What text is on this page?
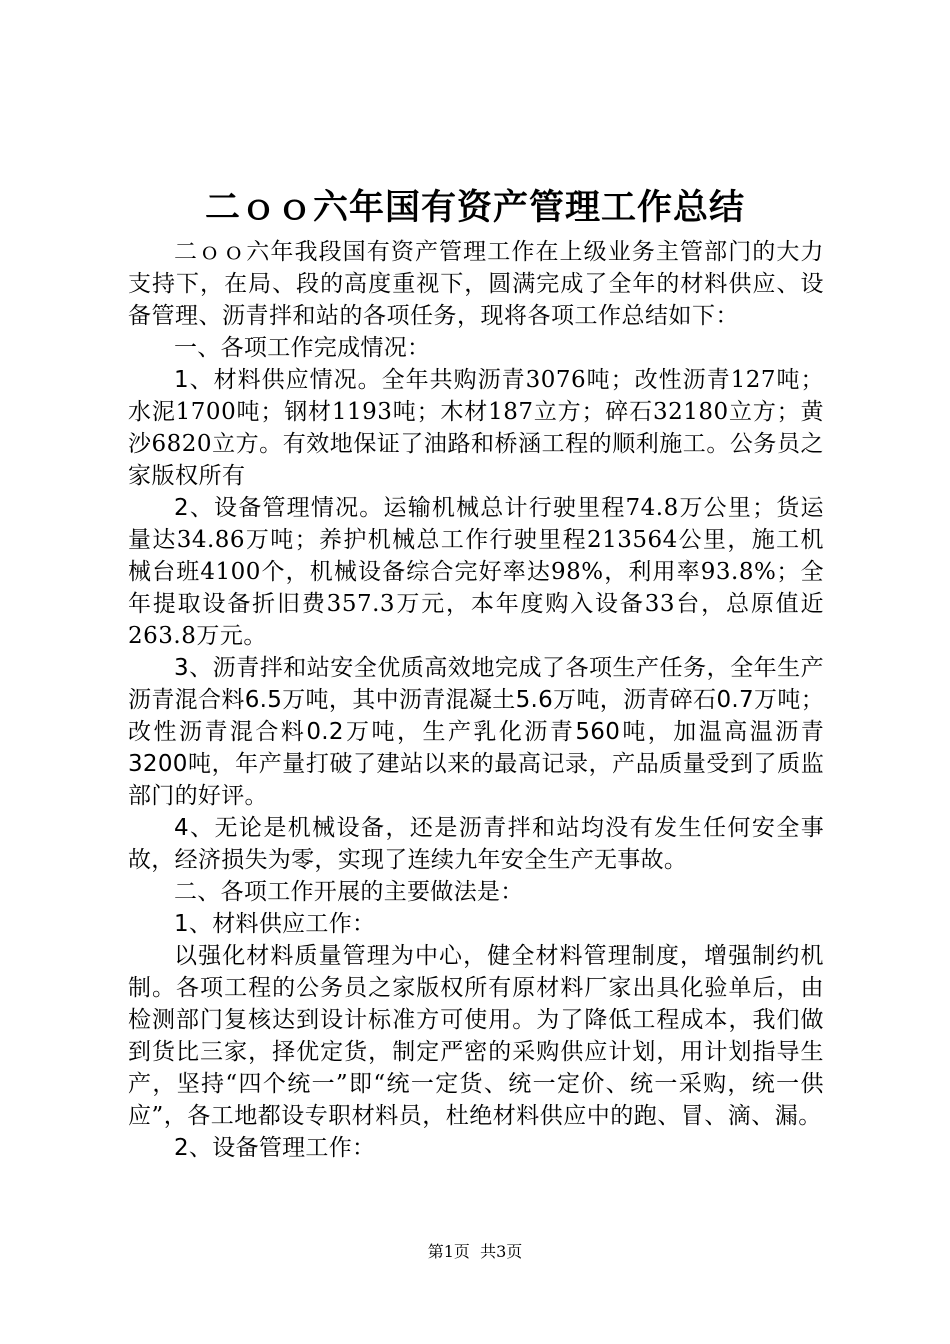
二ｏｏ六年国有资产管理工作总结

二ｏｏ六年我段国有资产管理工作在上级业务主管部门的大力支持下，在局、段的高度重视下，圆满完成了全年的材料供应、设备管理、沥青拌和站的各项任务，现将各项工作总结如下：

一、各项工作完成情况：

1、材料供应情况。全年共购沥青3076吨；改性沥青127吨；水泥1700吨；钢材1193吨；木材187立方；碎石32180立方；黄沙6820立方。有效地保证了油路和桥涵工程的顺利施工。公务员之家版权所有

2、设备管理情况。运输机械总计行驶里程74.8万公里；货运量达34.86万吨；养护机械总工作行驶里程213564公里，施工机械台班4100个，机械设备综合完好率达98%，利用率93.8%；全年提取设备折旧费357.3万元，本年度购入设备33台，总原值近263.8万元。

3、沥青拌和站安全优质高效地完成了各项生产任务，全年生产沥青混合料6.5万吨，其中沥青混凝土5.6万吨，沥青碎石0.7万吨；改性沥青混合料0.2万吨，生产乳化沥青560吨，加温高温沥青3200吨，年产量打破了建站以来的最高记录，产品质量受到了质监部门的好评。

4、无论是机械设备，还是沥青拌和站均没有发生任何安全事故，经济损失为零，实现了连续九年安全生产无事故。

二、各项工作开展的主要做法是：

1、材料供应工作：

以强化材料质量管理为中心，健全材料管理制度，增强制约机制。各项工程的公务员之家版权所有原材料厂家出具化验单后，由检测部门复核达到设计标准方可使用。为了降低工程成本，我们做到货比三家，择优定货，制定严密的采购供应计划，用计划指导生产，坚持“四个统一”即“统一定货、统一定价、统一采购，统一供应”，各工地都设专职材料员，杜绝材料供应中的跑、冒、滴、漏。

2、设备管理工作：

第1页  共3页
